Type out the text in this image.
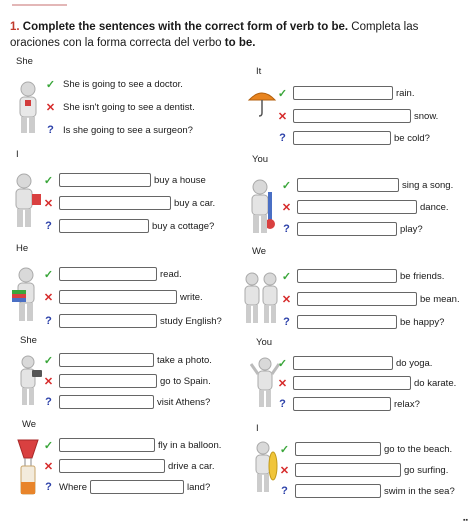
1. Complete the sentences with the correct form of verb to be. Completa las oraciones con la forma correcta del verbo to be.
She
✓ She is going to see a doctor.
✕ She isn't going to see a dentist.
? Is she going to see a surgeon?
It
✓	rain.
✕	snow.
?	be cold?
I
✓	buy a house
✕	buy a car.
?	buy a cottage?
You
✓	sing a song.
✕	dance.
?	play?
He
✓	read.
✕	write.
?	study English?
We
✓	be friends.
✕	be mean.
?	be happy?
She
✓	take a photo.
✕	go to Spain.
?	visit Athens?
You
✓	do yoga.
✕	do karate.
?	relax?
We
✓	fly in a balloon.
✕	drive a car.
? Where	land?
I
✓	go to the beach.
✕	go surfing.
?	swim in the sea?
▪▪
